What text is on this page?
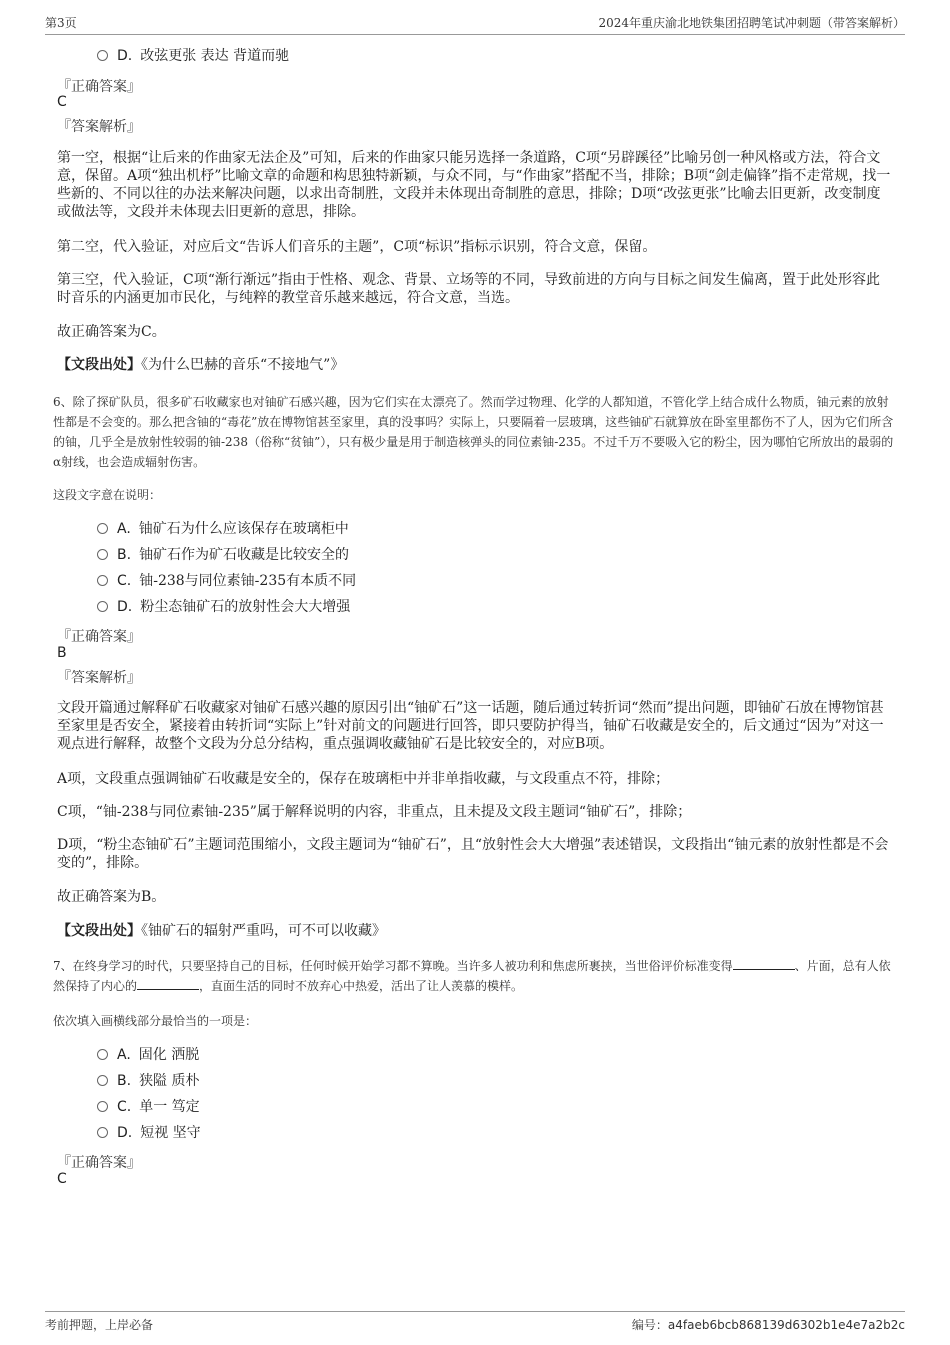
第3页	2024年重庆渝北地铁集团招聘笔试冲刺题（带答案解析）
D. 改弦更张 表达 背道而驰
『正确答案』
C
『答案解析』
第一空，根据“让后来的作曲家无法企及”可知，后来的作曲家只能另选择一条道路，C项“另辟蹊径”比喻另创一种风格或方法，符合文意，保留。A项“独出机杼”比喻文章的命题和构思独特新颖，与众不同，与“作曲家”搭配不当，排除；B项“剑走偏锋”指不走常规，找一些新的、不同以往的办法来解决问题，以求出奇制胜，文段并未体现出奇制胜的意思，排除；D项“改弦更张”比喻去旧更新，改变制度或做法等，文段并未体现去旧更新的意思，排除。
第二空，代入验证，对应后文“告诉人们音乐的主题”，C项“标识”指标示识别，符合文意，保留。
第三空，代入验证，C项“渐行渐远”指由于性格、观念、背景、立场等的不同，导致前进的方向与目标之间发生偏离，置于此处形容此时音乐的内涵更加市民化，与纯粹的教堂音乐越来越远，符合文意，当选。
故正确答案为C。
【文段出处】《为什么巴赫的音乐“不接地气”》
6、除了探矿队员，很多矿石收藏家也对铀矿石感兴趣，因为它们实在太漂亮了。然而学过物理、化学的人都知道，不管化学上结合成什么物质，铀元素的放射性都是不会变的。那么把含铀的“毒花”放在博物馆甚至家里，真的没事吗？实际上，只要隔着一层玻璃，这些铀矿石就算放在卧室里都伤不了人，因为它们所含的铀，几乎全是放射性较弱的铀-238（俗称“贫铀”），只有极少量是用于制造核弹头的同位素铀-235。不过千万不要吸入它的粉尘，因为哪怕它所放出的最弱的α射线，也会造成辐射伤害。
这段文字意在说明：
A. 铀矿石为什么应该保存在玻璃柜中
B. 铀矿石作为矿石收藏是比较安全的
C. 铀-238与同位素铀-235有本质不同
D. 粉尘态铀矿石的放射性会大大增强
『正确答案』
B
『答案解析』
文段开篇通过解释矿石收藏家对铀矿石感兴趣的原因引出“铀矿石”这一话题，随后通过转折词“然而”提出问题，即铀矿石放在博物馆甚至家里是否安全，紧接着由转折词“实际上”针对前文的问题进行回答，即只要防护得当，铀矿石收藏是安全的，后文通过“因为”对这一观点进行解释，故整个文段为分总分结构，重点强调收藏铀矿石是比较安全的，对应B项。
A项，文段重点强调铀矿石收藏是安全的，保存在玻璃柜中并非单指收藏，与文段重点不符，排除；
C项，“铀-238与同位素铀-235”属于解释说明的内容，非重点，且未提及文段主题词“铀矿石”，排除；
D项，“粉尘态铀矿石”主题词范围缩小，文段主题词为“铀矿石”，且“放射性会大大增强”表述错误，文段指出“铀元素的放射性都是不会变的”，排除。
故正确答案为B。
【文段出处】《铀矿石的辐射严重吗，可不可以收藏》
7、在终身学习的时代，只要坚持自己的目标，任何时候开始学习都不算晚。当许多人被功利和焦虑所裹挟，当世俗评价标准变得	、片面，总有人依然保持了内心的	，直面生活的同时不放弃心中热爱，活出了让人羡慕的模样。
依次填入画横线部分最恰当的一项是：
A. 固化 洒脱
B. 狭隘 质朴
C. 单一 笃定
D. 短视 坚守
『正确答案』
C
考前押题，上岸必备	编号：a4faeb6bcb868139d6302b1e4e7a2b2c
